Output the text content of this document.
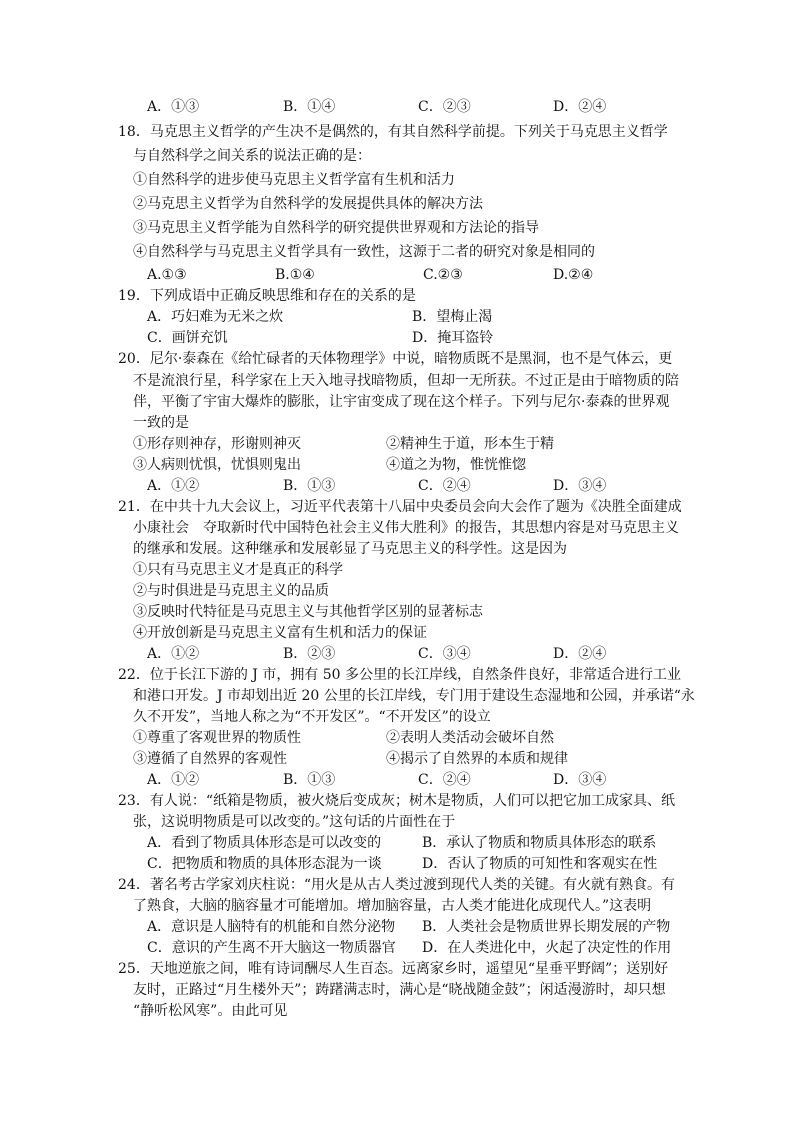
A．①③	B．①④	C．②③	D．②④
18．马克思主义哲学的产生决不是偶然的，有其自然科学前提。下列关于马克思主义哲学
与自然科学之间关系的说法正确的是：
①自然科学的进步使马克思主义哲学富有生机和活力
②马克思主义哲学为自然科学的发展提供具体的解决方法
③马克思主义哲学能为自然科学的研究提供世界观和方法论的指导
④自然科学与马克思主义哲学具有一致性，这源于二者的研究对象是相同的
A.①③	B.①④	C.②③	D.②④
19．下列成语中正确反映思维和存在的关系的是
A．巧妇难为无米之炊	B．望梅止渴
C．画饼充饥	D．掩耳盗铃
20．尼尔·泰森在《给忙碌者的天体物理学》中说，暗物质既不是黑洞，也不是气体云，更
不是流浪行星，科学家在上天入地寻找暗物质，但却一无所获。不过正是由于暗物质的陪
伴，平衡了宇宙大爆炸的膨胀，让宇宙变成了现在这个样子。下列与尼尔·泰森的世界观
一致的是
①形存则神存，形谢则神灭	②精神生于道，形本生于精
③人病则忧惧，忧惧则鬼出	④道之为物，惟恍惟惚
A．①②	B．①③	C．②④	D．③④
21．在中共十九大会议上，习近平代表第十八届中央委员会向大会作了题为《决胜全面建成
小康社会　夺取新时代中国特色社会主义伟大胜利》的报告，其思想内容是对马克思主义
的继承和发展。这种继承和发展彰显了马克思主义的科学性。这是因为
①只有马克思主义才是真正的科学
②与时俱进是马克思主义的品质
③反映时代特征是马克思主义与其他哲学区别的显著标志
④开放创新是马克思主义富有生机和活力的保证
A．①②	B．②③	C．③④	D．②④
22．位于长江下游的 J 市，拥有 50 多公里的长江岸线，自然条件良好，非常适合进行工业
和港口开发。J 市却划出近 20 公里的长江岸线，专门用于建设生态湿地和公园，并承诺“永
久不开发”，当地人称之为“不开发区”。“不开发区”的设立
①尊重了客观世界的物质性	②表明人类活动会破坏自然
③遵循了自然界的客观性	④揭示了自然界的本质和规律
A．①②	B．①③	C．②④	D．③④
23．有人说：“纸箱是物质，被火烧后变成灰；树木是物质，人们可以把它加工成家具、纸
张，这说明物质是可以改变的。”这句话的片面性在于
A．看到了物质具体形态是可以改变的	B．承认了物质和物质具体形态的联系
C．把物质和物质的具体形态混为一谈	D．否认了物质的可知性和客观实在性
24．著名考古学家刘庆柱说：“用火是从古人类过渡到现代人类的关键。有火就有熟食。有
了熟食，大脑的脑容量才可能增加。增加脑容量，古人类才能进化成现代人。”这表明
A．意识是人脑特有的机能和自然分泌物 B．人类社会是物质世界长期发展的产物
C．意识的产生离不开大脑这一物质器官 D．在人类进化中，火起了决定性的作用
25．天地逆旅之间，唯有诗词酬尽人生百态。远离家乡时，遥望见“星垂平野阔”；送别好
友时，正路过“月生楼外天”；踌躇满志时，满心是“晓战随金鼓”；闲适漫游时，却只想
“静听松风寒”。由此可见
